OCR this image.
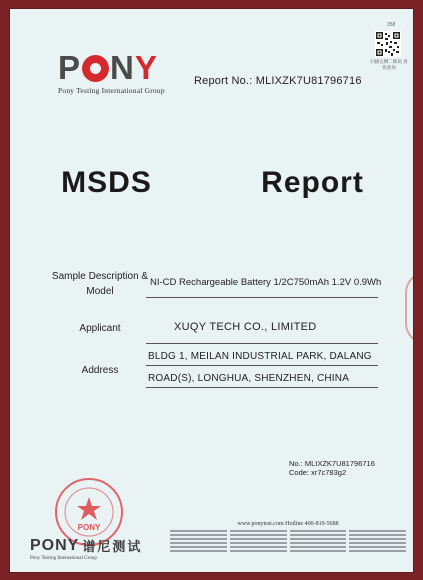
P N Y
Pony Testing International Group
358
扫描左侧二维码 真伪查询
Report No.: MLIXZK7U81796716
MSDS    Report
Sample Description & Model
NI-CD Rechargeable Battery 1/2C750mAh 1.2V 0.9Wh
Applicant	XUQY TECH CO., LIMITED
Address
BLDG 1, MEILAN INDUSTRIAL PARK, DALANG
ROAD(S), LONGHUA, SHENZHEN, CHINA
No.: MLIXZK7U81796716
Code: xr7c783g2
PONY
PONY 谱尼测试
Pony Testing International Group
www.ponytest.com Hotline 400-819-5688
